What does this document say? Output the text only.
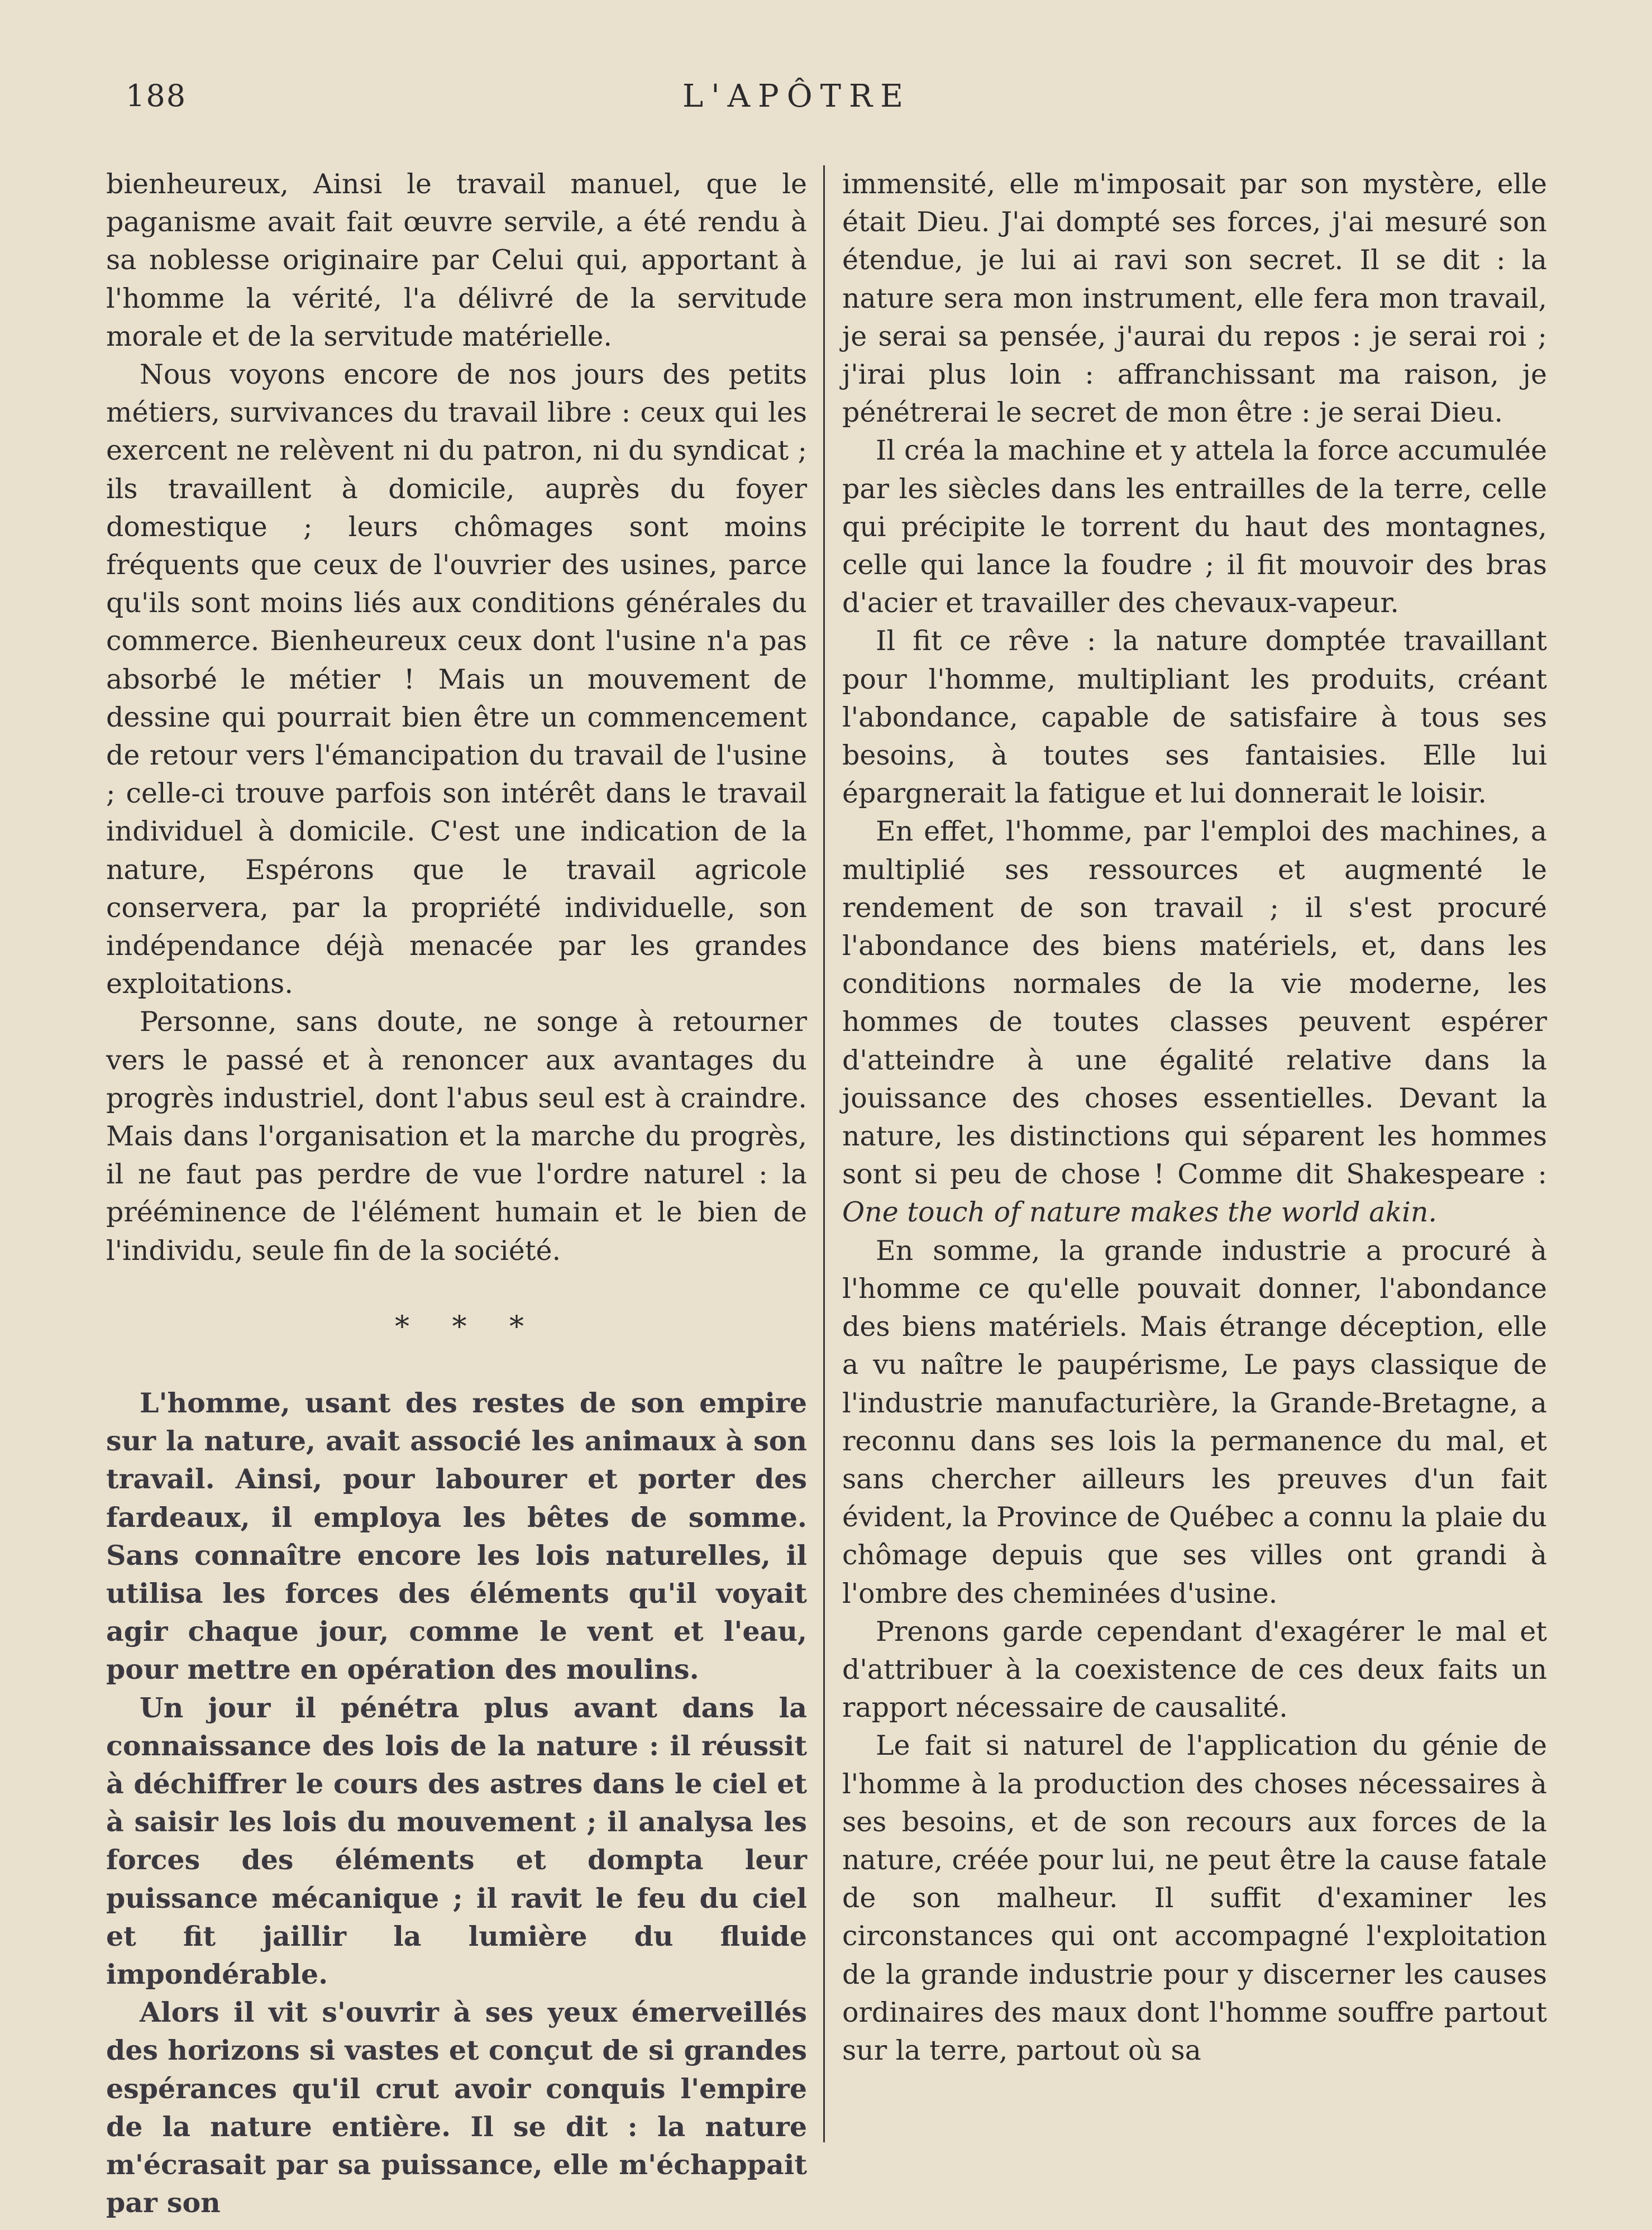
188	L'APÔTRE

bienheureux, Ainsi le travail manuel, que le paganisme avait fait œuvre servile, a été rendu à sa noblesse originaire par Celui qui, apportant à l'homme la vérité, l'a délivré de la servitude morale et de la servitude matérielle.

Nous voyons encore de nos jours des petits métiers, survivances du travail libre : ceux qui les exercent ne relèvent ni du patron, ni du syndicat ; ils travaillent à domicile, auprès du foyer domestique ; leurs chômages sont moins fréquents que ceux de l'ouvrier des usines, parce qu'ils sont moins liés aux conditions générales du commerce. Bienheureux ceux dont l'usine n'a pas absorbé le métier ! Mais un mouvement de dessine qui pourrait bien être un commencement de retour vers l'émancipation du travail de l'usine ; celle-ci trouve parfois son intérêt dans le travail individuel à domicile. C'est une indication de la nature, Espérons que le travail agricole conservera, par la propriété individuelle, son indépendance déjà menacée par les grandes exploitations.

Personne, sans doute, ne songe à retourner vers le passé et à renoncer aux avantages du progrès industriel, dont l'abus seul est à craindre. Mais dans l'organisation et la marche du progrès, il ne faut pas perdre de vue l'ordre naturel : la prééminence de l'élément humain et le bien de l'individu, seule fin de la société.

* * *

L'homme, usant des restes de son empire sur la nature, avait associé les animaux à son travail. Ainsi, pour labourer et porter des fardeaux, il employa les bêtes de somme. Sans connaître encore les lois naturelles, il utilisa les forces des éléments qu'il voyait agir chaque jour, comme le vent et l'eau, pour mettre en opération des moulins.

Un jour il pénétra plus avant dans la connaissance des lois de la nature : il réussit à déchiffrer le cours des astres dans le ciel et à saisir les lois du mouvement ; il analysa les forces des éléments et dompta leur puissance mécanique ; il ravit le feu du ciel et fit jaillir la lumière du fluide impondérable.

Alors il vit s'ouvrir à ses yeux émerveillés des horizons si vastes et conçut de si grandes espérances qu'il crut avoir conquis l'empire de la nature entière. Il se dit : la nature m'écrasait par sa puissance, elle m'échappait par son

immensité, elle m'imposait par son mystère, elle était Dieu. J'ai dompté ses forces, j'ai mesuré son étendue, je lui ai ravi son secret. Il se dit : la nature sera mon instrument, elle fera mon travail, je serai sa pensée, j'aurai du repos : je serai roi ; j'irai plus loin : affranchissant ma raison, je pénétrerai le secret de mon être : je serai Dieu.

Il créa la machine et y attela la force accumulée par les siècles dans les entrailles de la terre, celle qui précipite le torrent du haut des montagnes, celle qui lance la foudre ; il fit mouvoir des bras d'acier et travailler des chevaux-vapeur.

Il fit ce rêve : la nature domptée travaillant pour l'homme, multipliant les produits, créant l'abondance, capable de satisfaire à tous ses besoins, à toutes ses fantaisies. Elle lui épargnerait la fatigue et lui donnerait le loisir.

En effet, l'homme, par l'emploi des machines, a multiplié ses ressources et augmenté le rendement de son travail ; il s'est procuré l'abondance des biens matériels, et, dans les conditions normales de la vie moderne, les hommes de toutes classes peuvent espérer d'atteindre à une égalité relative dans la jouissance des choses essentielles. Devant la nature, les distinctions qui séparent les hommes sont si peu de chose ! Comme dit Shakespeare : One touch of nature makes the world akin.

En somme, la grande industrie a procuré à l'homme ce qu'elle pouvait donner, l'abondance des biens matériels. Mais étrange déception, elle a vu naître le paupérisme, Le pays classique de l'industrie manufacturière, la Grande-Bretagne, a reconnu dans ses lois la permanence du mal, et sans chercher ailleurs les preuves d'un fait évident, la Province de Québec a connu la plaie du chômage depuis que ses villes ont grandi à l'ombre des cheminées d'usine.

Prenons garde cependant d'exagérer le mal et d'attribuer à la coexistence de ces deux faits un rapport nécessaire de causalité.

Le fait si naturel de l'application du génie de l'homme à la production des choses nécessaires à ses besoins, et de son recours aux forces de la nature, créée pour lui, ne peut être la cause fatale de son malheur. Il suffit d'examiner les circonstances qui ont accompagné l'exploitation de la grande industrie pour y discerner les causes ordinaires des maux dont l'homme souffre partout sur la terre, partout où sa
